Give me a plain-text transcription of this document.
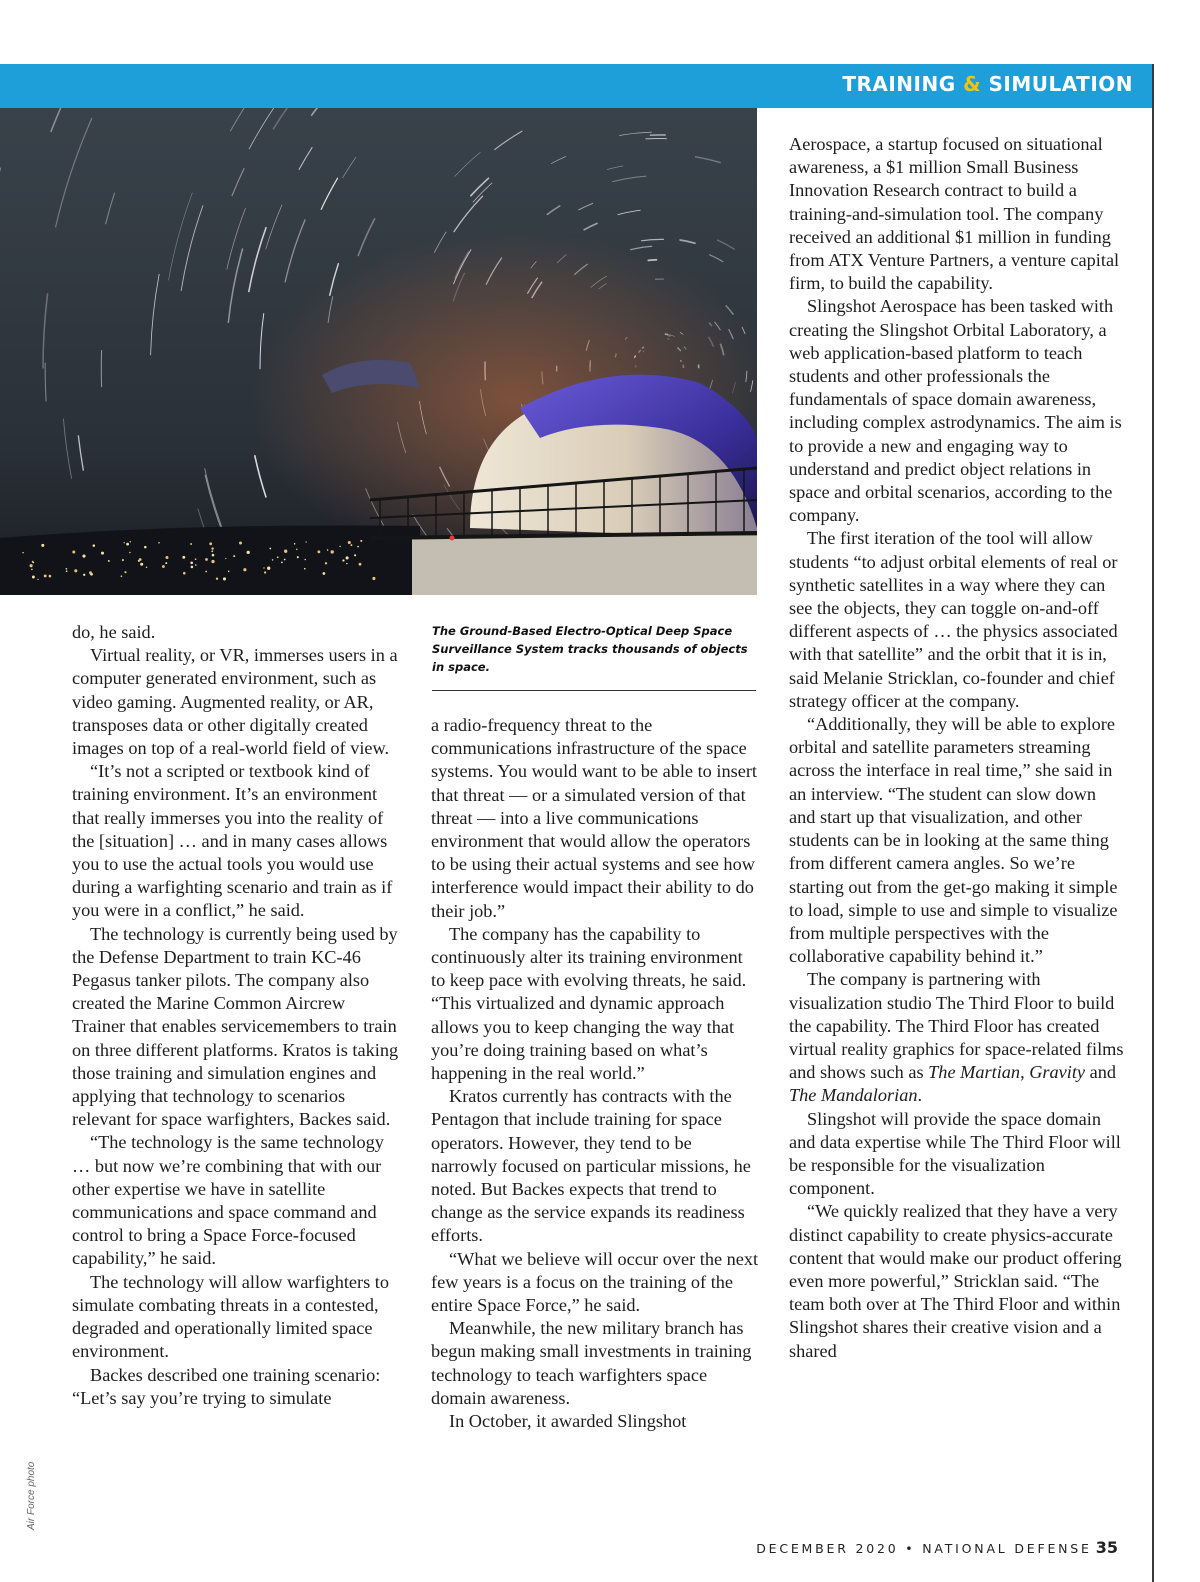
TRAINING & SIMULATION
Air Force photo
The Ground-Based Electro-Optical Deep Space Surveillance System tracks thousands of objects in space.

do, he said.

Virtual reality, or VR, immerses users in a computer generated environment, such as video gaming. Augmented reality, or AR, transposes data or other digitally created images on top of a real-world field of view.

“It’s not a scripted or textbook kind of training environment. It’s an environment that really immerses you into the reality of the [situation] … and in many cases allows you to use the actual tools you would use during a warfighting scenario and train as if you were in a conflict,” he said.

The technology is currently being used by the Defense Department to train KC-46 Pegasus tanker pilots. The company also created the Marine Common Aircrew Trainer that enables servicemembers to train on three different platforms. Kratos is taking those training and simulation engines and applying that technology to scenarios relevant for space warfighters, Backes said.

“The technology is the same technology … but now we’re combining that with our other expertise we have in satellite communications and space command and control to bring a Space Force-focused capability,” he said.

The technology will allow warfighters to simulate combating threats in a contested, degraded and operationally limited space environment.

Backes described one training scenario: “Let’s say you’re trying to simulate

a radio-frequency threat to the communications infrastructure of the space systems. You would want to be able to insert that threat — or a simulated version of that threat — into a live communications environment that would allow the operators to be using their actual systems and see how interference would impact their ability to do their job.”

The company has the capability to continuously alter its training environment to keep pace with evolving threats, he said. “This virtualized and dynamic approach allows you to keep changing the way that you’re doing training based on what’s happening in the real world.”

Kratos currently has contracts with the Pentagon that include training for space operators. However, they tend to be narrowly focused on particular missions, he noted. But Backes expects that trend to change as the service expands its readiness efforts.

“What we believe will occur over the next few years is a focus on the training of the entire Space Force,” he said.

Meanwhile, the new military branch has begun making small investments in training technology to teach warfighters space domain awareness.

In October, it awarded Slingshot

Aerospace, a startup focused on situational awareness, a $1 million Small Business Innovation Research contract to build a training-and-simulation tool. The company received an additional $1 million in funding from ATX Venture Partners, a venture capital firm, to build the capability.

Slingshot Aerospace has been tasked with creating the Slingshot Orbital Laboratory, a web application-based platform to teach students and other professionals the fundamentals of space domain awareness, including complex astrodynamics. The aim is to provide a new and engaging way to understand and predict object relations in space and orbital scenarios, according to the company.

The first iteration of the tool will allow students “to adjust orbital elements of real or synthetic satellites in a way where they can see the objects, they can toggle on-and-off different aspects of … the physics associated with that satellite” and the orbit that it is in, said Melanie Stricklan, co-founder and chief strategy officer at the company.

“Additionally, they will be able to explore orbital and satellite parameters streaming across the interface in real time,” she said in an interview. “The student can slow down and start up that visualization, and other students can be in looking at the same thing from different camera angles. So we’re starting out from the get-go making it simple to load, simple to use and simple to visualize from multiple perspectives with the collaborative capability behind it.”

The company is partnering with visualization studio The Third Floor to build the capability. The Third Floor has created virtual reality graphics for space-related films and shows such as The Martian, Gravity and The Mandalorian.

Slingshot will provide the space domain and data expertise while The Third Floor will be responsible for the visualization component.

“We quickly realized that they have a very distinct capability to create physics-accurate content that would make our product offering even more powerful,” Stricklan said. “The team both over at The Third Floor and within Slingshot shares their creative vision and a shared

DECEMBER 2020 • NATIONAL DEFENSE 35
